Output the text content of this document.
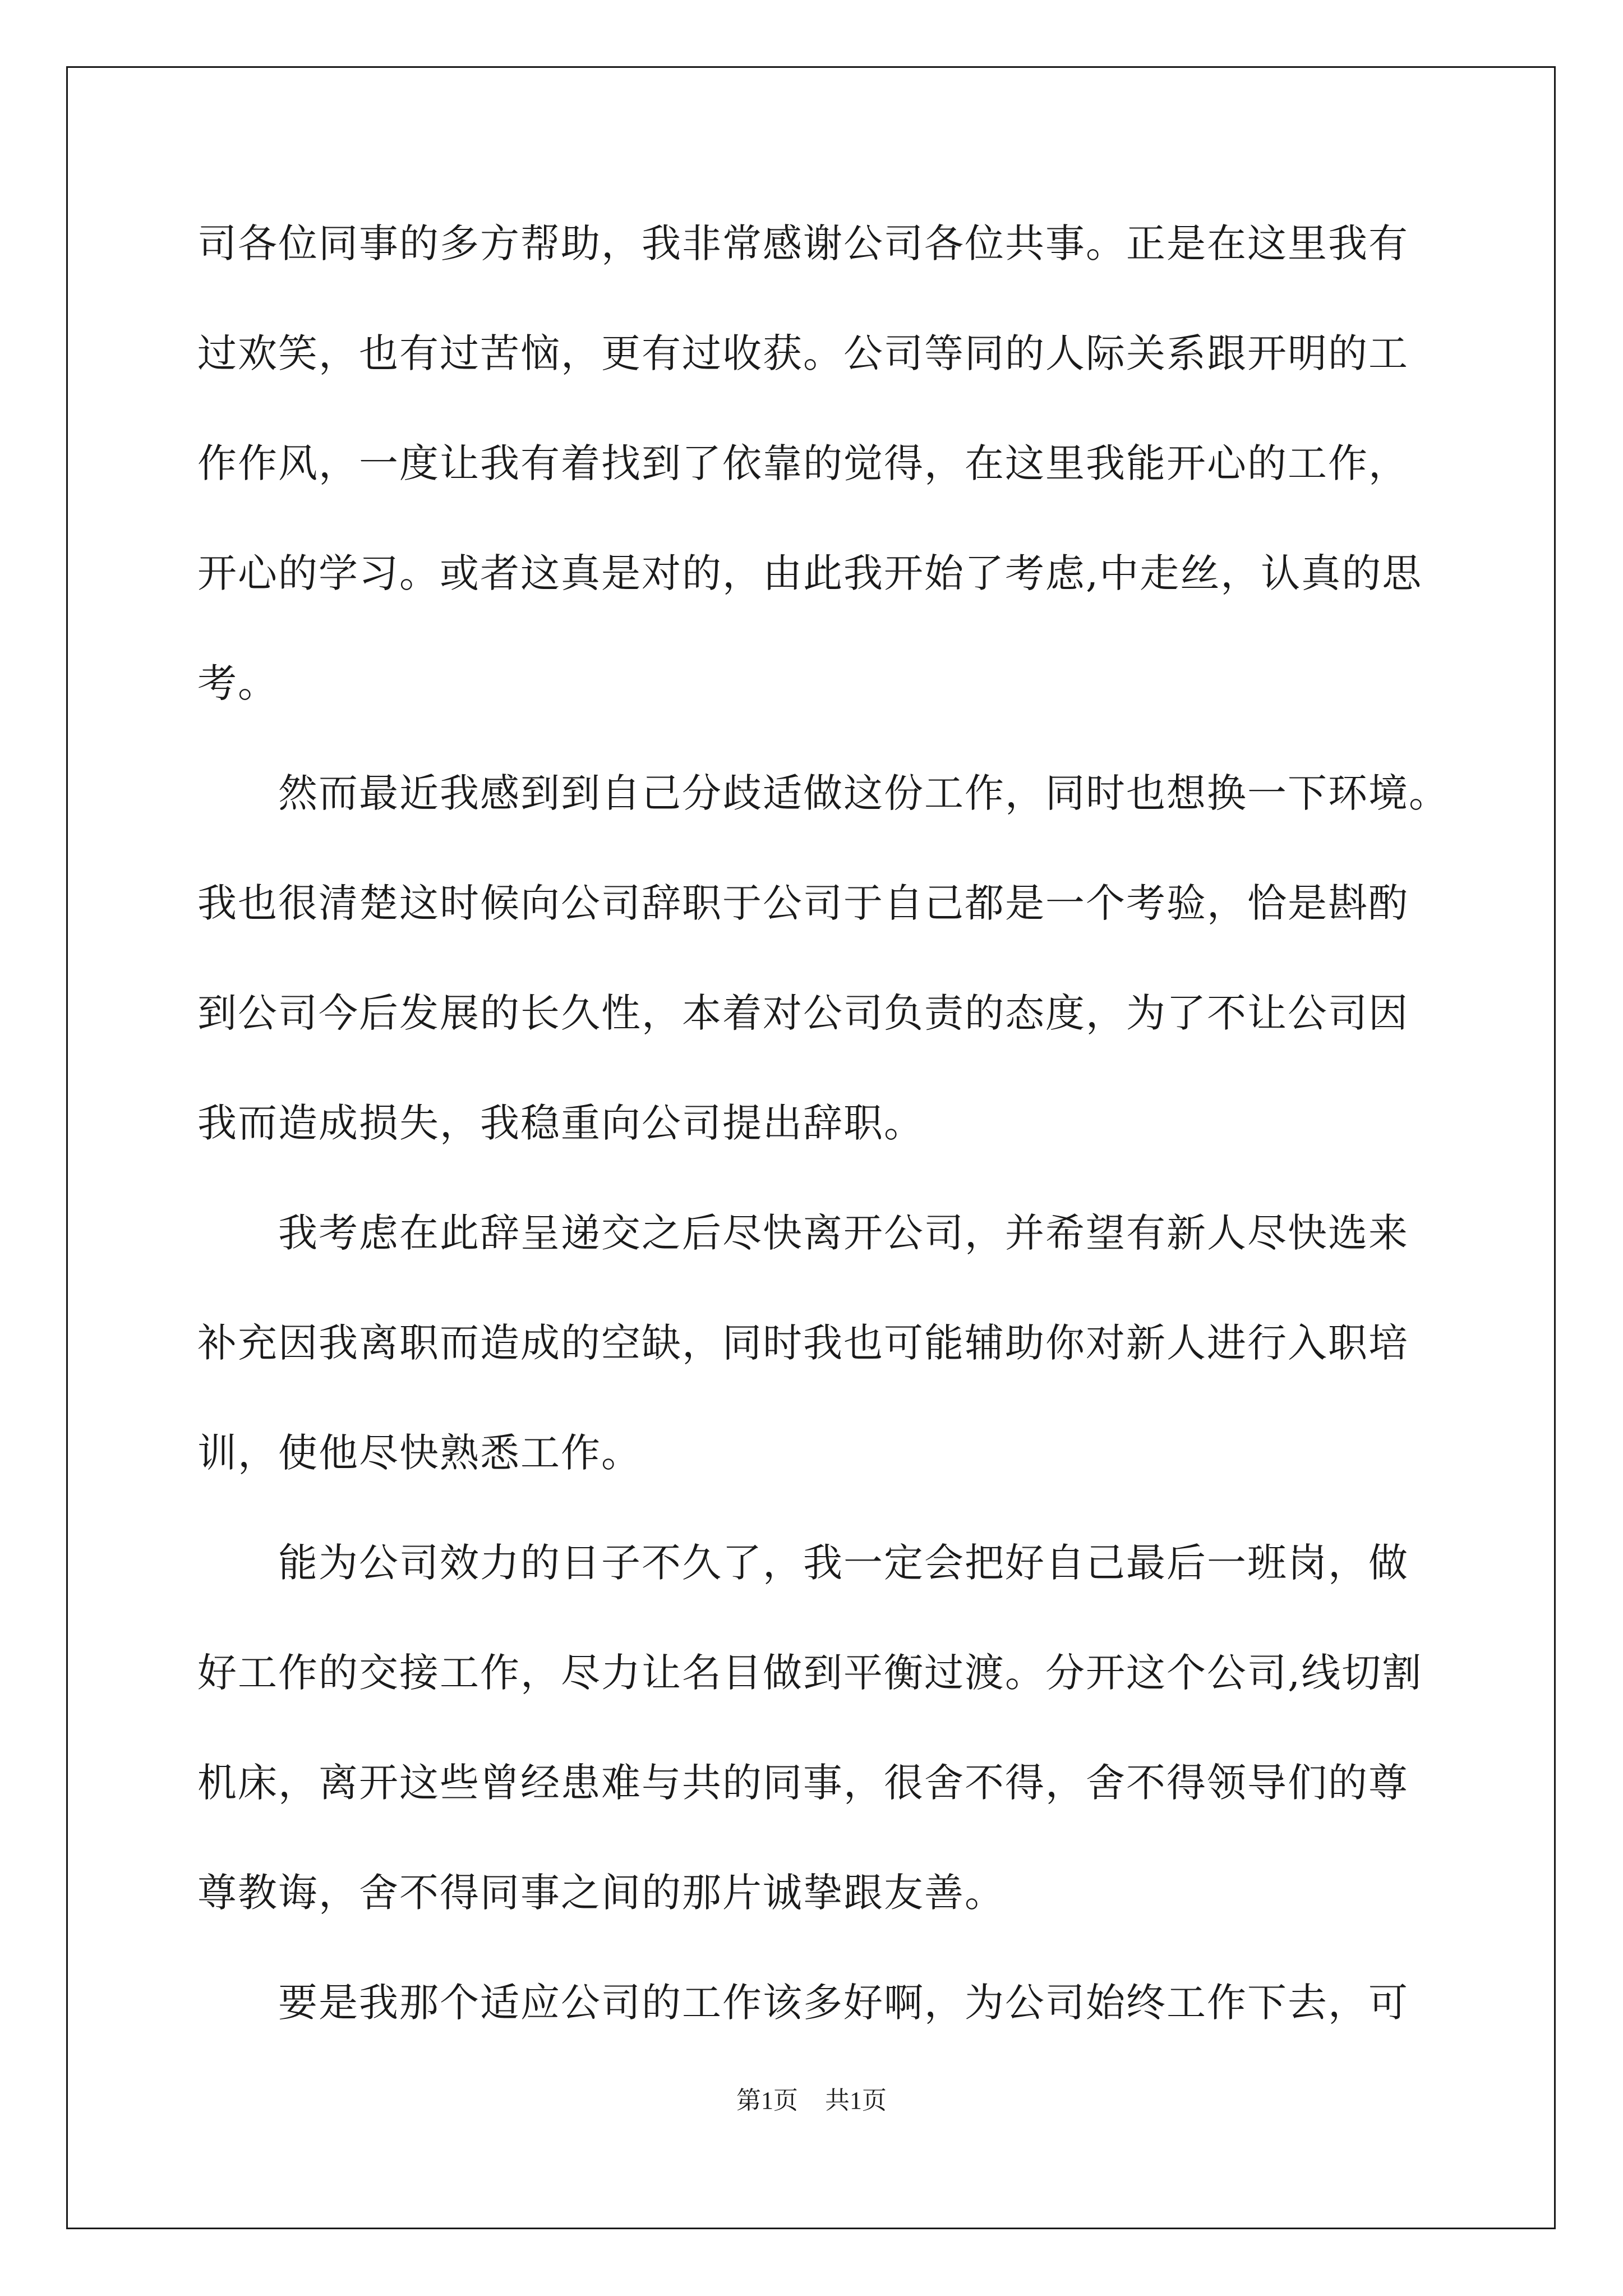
司各位同事的多方帮助，我非常感谢公司各位共事。正是在这里我有
过欢笑，也有过苦恼，更有过收获。公司等同的人际关系跟开明的工
作作风，一度让我有着找到了依靠的觉得，在这里我能开心的工作，
开心的学习。或者这真是对的，由此我开始了考虑,中走丝，认真的思
考。
然而最近我感到到自己分歧适做这份工作，同时也想换一下环境。
我也很清楚这时候向公司辞职于公司于自己都是一个考验，恰是斟酌
到公司今后发展的长久性，本着对公司负责的态度，为了不让公司因
我而造成损失，我稳重向公司提出辞职。
我考虑在此辞呈递交之后尽快离开公司，并希望有新人尽快选来
补充因我离职而造成的空缺，同时我也可能辅助你对新人进行入职培
训，使他尽快熟悉工作。
能为公司效力的日子不久了，我一定会把好自己最后一班岗，做
好工作的交接工作，尽力让名目做到平衡过渡。分开这个公司,线切割
机床，离开这些曾经患难与共的同事，很舍不得，舍不得领导们的尊
尊教诲，舍不得同事之间的那片诚挚跟友善。
要是我那个适应公司的工作该多好啊，为公司始终工作下去，可
第1页 共1页
